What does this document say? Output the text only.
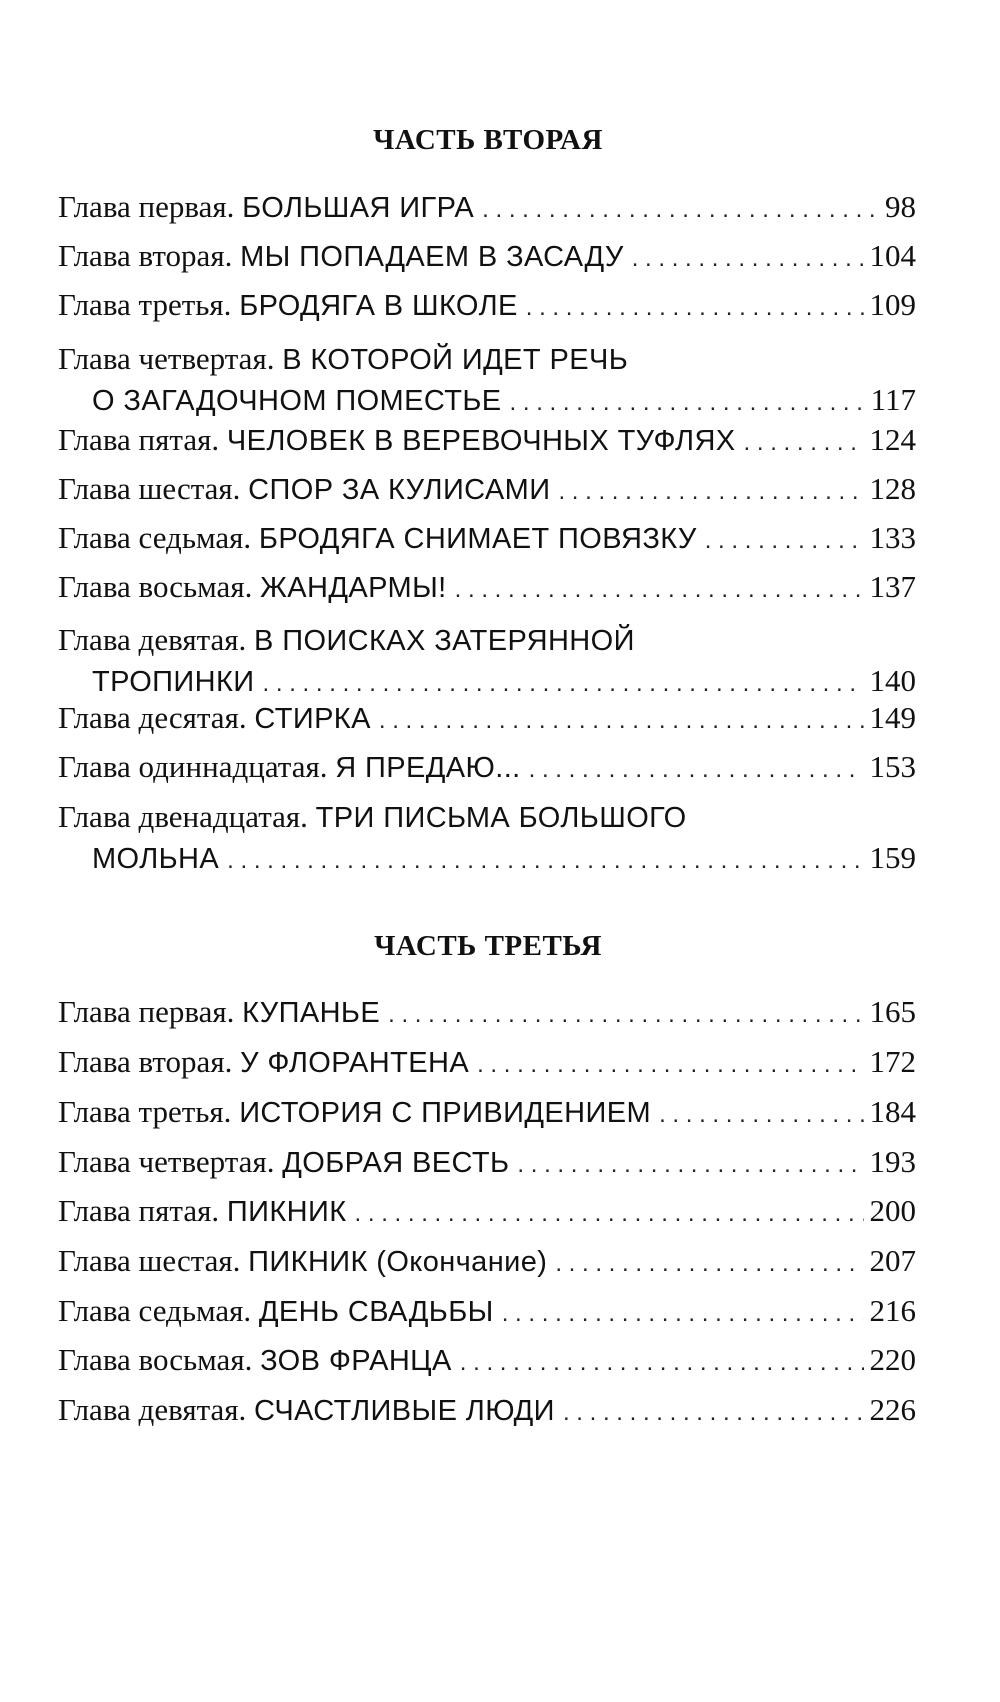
ЧАСТЬ ВТОРАЯ
Глава первая.
БОЛЬШАЯ ИГРА . . .	98
Глава вторая.
МЫ ПОПАДАЕМ В ЗАСАДУ . . .	104
Глава третья.
БРОДЯГА В ШКОЛЕ . . .	109
Глава четвертая.
В КОТОРОЙ ИДЕТ РЕЧЬ
О ЗАГАДОЧНОМ ПОМЕСТЬЕ . . .	117
Глава пятая.
ЧЕЛОВЕК В ВЕРЕВОЧНЫХ ТУФЛЯХ . . .	124
Глава шестая.
СПОР ЗА КУЛИСАМИ . . .	128
Глава седьмая.
БРОДЯГА СНИМАЕТ ПОВЯЗКУ . . .	133
Глава восьмая.
ЖАНДАРМЫ! . . .	137
Глава девятая.
В ПОИСКАХ ЗАТЕРЯННОЙ
ТРОПИНКИ . . .	140
Глава десятая.
СТИРКА . . .	149
Глава одиннадцатая.
Я ПРЕДАЮ... . . .	153
Глава двенадцатая.
ТРИ ПИСЬМА БОЛЬШОГО
МОЛЬНА . . .	159
ЧАСТЬ ТРЕТЬЯ
Глава первая.
КУПАНЬЕ . . .	165
Глава вторая.
У ФЛОРАНТЕНА . . .	172
Глава третья.
ИСТОРИЯ С ПРИВИДЕНИЕМ . . .	184
Глава четвертая.
ДОБРАЯ ВЕСТЬ . . .	193
Глава пятая.
ПИКНИК . . .	200
Глава шестая.
ПИКНИК (Окончание) . . .	207
Глава седьмая.
ДЕНЬ СВАДЬБЫ . . .	216
Глава восьмая.
ЗОВ ФРАНЦА . . .	220
Глава девятая.
СЧАСТЛИВЫЕ ЛЮДИ . . .	226
